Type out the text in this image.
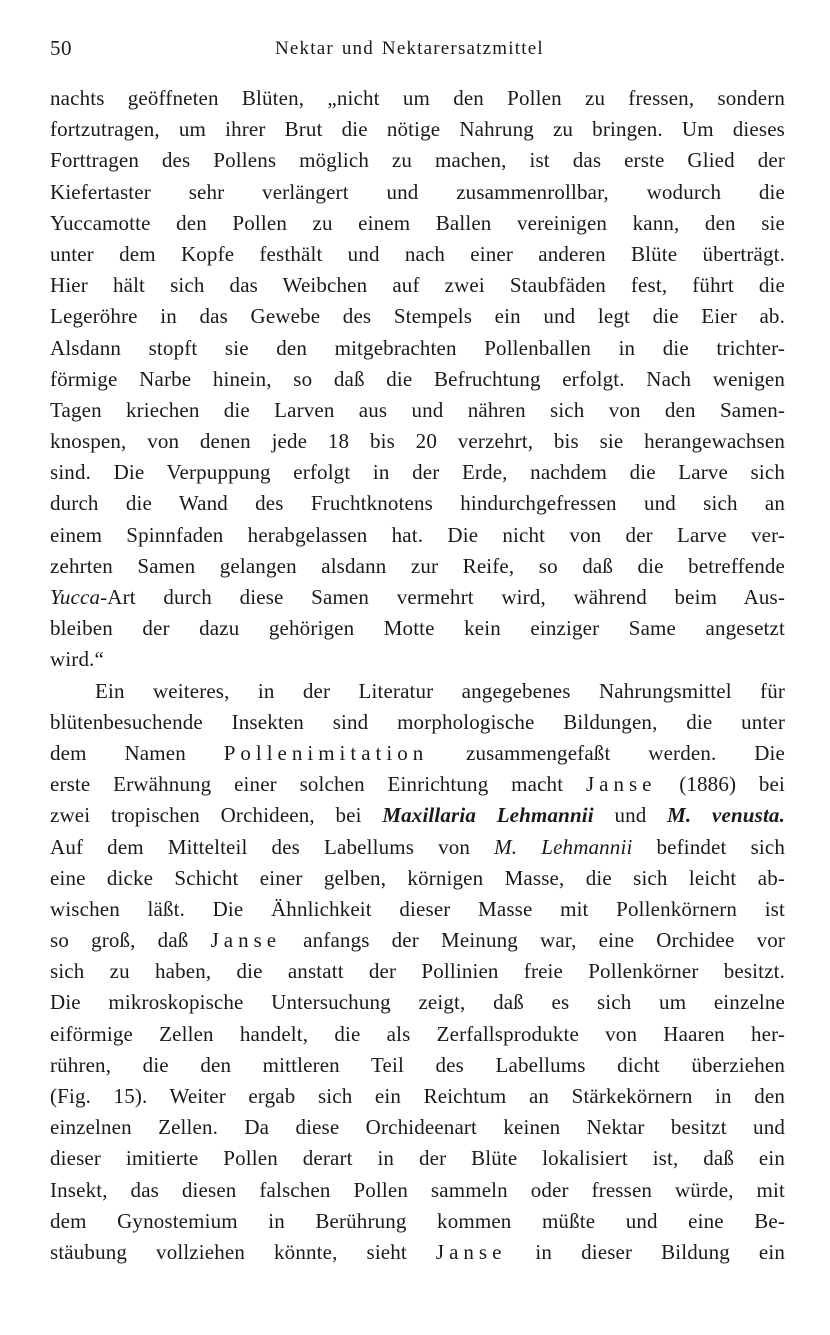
50	Nektar und Nektarersatzmittel
nachts geöffneten Blüten, „nicht um den Pollen zu fressen, sondern
fortzutragen, um ihrer Brut die nötige Nahrung zu bringen. Um dieses
Forttragen des Pollens möglich zu machen, ist das erste Glied der
Kiefertaster sehr verlängert und zusammenrollbar, wodurch die
Yuccamotte den Pollen zu einem Ballen vereinigen kann, den sie
unter dem Kopfe festhält und nach einer anderen Blüte überträgt.
Hier hält sich das Weibchen auf zwei Staubfäden fest, führt die
Legeröhre in das Gewebe des Stempels ein und legt die Eier ab.
Alsdann stopft sie den mitgebrachten Pollenballen in die trichter-
förmige Narbe hinein, so daß die Befruchtung erfolgt. Nach wenigen
Tagen kriechen die Larven aus und nähren sich von den Samen-
knospen, von denen jede 18 bis 20 verzehrt, bis sie herangewachsen
sind. Die Verpuppung erfolgt in der Erde, nachdem die Larve sich
durch die Wand des Fruchtknotens hindurchgefressen und sich an
einem Spinnfaden herabgelassen hat. Die nicht von der Larve ver-
zehrten Samen gelangen alsdann zur Reife, so daß die betreffende
Yucca-Art durch diese Samen vermehrt wird, während beim Aus-
bleiben der dazu gehörigen Motte kein einziger Same angesetzt
wird.“
Ein weiteres, in der Literatur angegebenes Nahrungsmittel für
blütenbesuchende Insekten sind morphologische Bildungen, die unter
dem Namen Pollenimitation zusammengefaßt werden. Die
erste Erwähnung einer solchen Einrichtung macht Janse (1886) bei
zwei tropischen Orchideen, bei Maxillaria Lehmannii und M. venusta.
Auf dem Mittelteil des Labellums von M. Lehmannii befindet sich
eine dicke Schicht einer gelben, körnigen Masse, die sich leicht ab-
wischen läßt. Die Ähnlichkeit dieser Masse mit Pollenkörnern ist
so groß, daß Janse anfangs der Meinung war, eine Orchidee vor
sich zu haben, die anstatt der Pollinien freie Pollenkörner besitzt.
Die mikroskopische Untersuchung zeigt, daß es sich um einzelne
eiförmige Zellen handelt, die als Zerfallsprodukte von Haaren her-
rühren, die den mittleren Teil des Labellums dicht überziehen
(Fig. 15). Weiter ergab sich ein Reichtum an Stärkekörnern in den
einzelnen Zellen. Da diese Orchideenart keinen Nektar besitzt und
dieser imitierte Pollen derart in der Blüte lokalisiert ist, daß ein
Insekt, das diesen falschen Pollen sammeln oder fressen würde, mit
dem Gynostemium in Berührung kommen müßte und eine Be-
stäubung vollziehen könnte, sieht Janse in dieser Bildung ein
